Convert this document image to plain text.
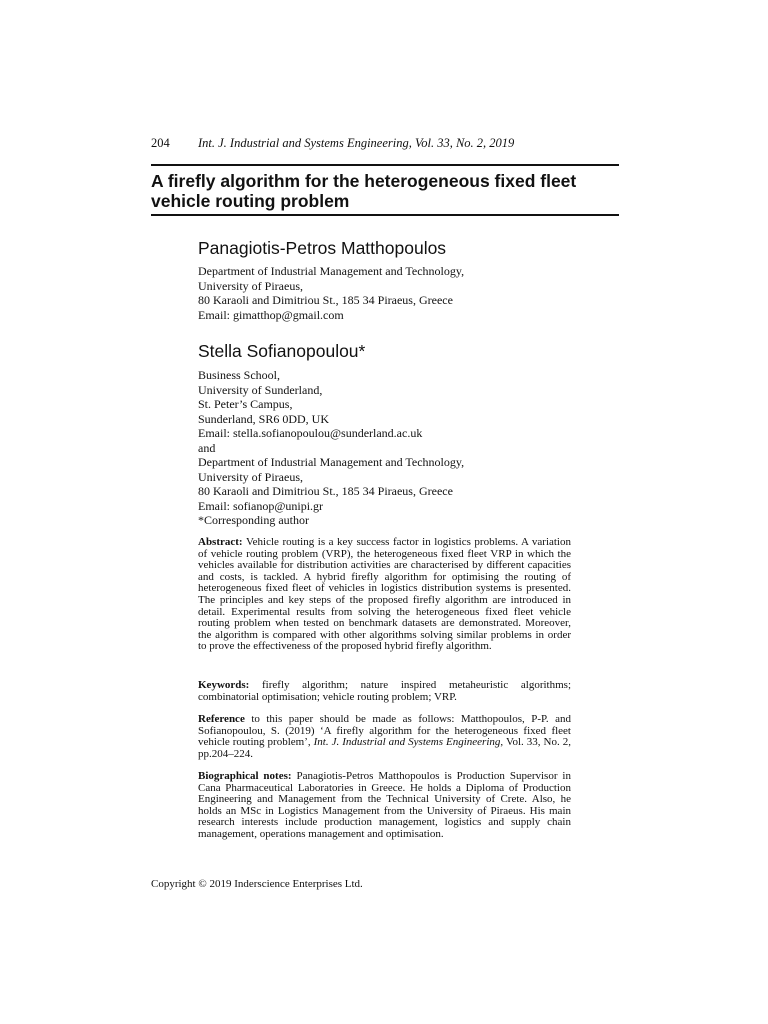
204 Int. J. Industrial and Systems Engineering, Vol. 33, No. 2, 2019
A firefly algorithm for the heterogeneous fixed fleet vehicle routing problem
Panagiotis-Petros Matthopoulos
Department of Industrial Management and Technology,
University of Piraeus,
80 Karaoli and Dimitriou St., 185 34 Piraeus, Greece
Email: gimatthop@gmail.com
Stella Sofianopoulou*
Business School,
University of Sunderland,
St. Peter’s Campus,
Sunderland, SR6 0DD, UK
Email: stella.sofianopoulou@sunderland.ac.uk
and
Department of Industrial Management and Technology,
University of Piraeus,
80 Karaoli and Dimitriou St., 185 34 Piraeus, Greece
Email: sofianop@unipi.gr
*Corresponding author

Abstract: Vehicle routing is a key success factor in logistics problems. A variation of vehicle routing problem (VRP), the heterogeneous fixed fleet VRP in which the vehicles available for distribution activities are characterised by different capacities and costs, is tackled. A hybrid firefly algorithm for optimising the routing of heterogeneous fixed fleet of vehicles in logistics distribution systems is presented. The principles and key steps of the proposed firefly algorithm are introduced in detail. Experimental results from solving the heterogeneous fixed fleet vehicle routing problem when tested on benchmark datasets are demonstrated. Moreover, the algorithm is compared with other algorithms solving similar problems in order to prove the effectiveness of the proposed hybrid firefly algorithm.

Keywords: firefly algorithm; nature inspired metaheuristic algorithms; combinatorial optimisation; vehicle routing problem; VRP.

Reference to this paper should be made as follows: Matthopoulos, P-P. and Sofianopoulou, S. (2019) ‘A firefly algorithm for the heterogeneous fixed fleet vehicle routing problem’, Int. J. Industrial and Systems Engineering, Vol. 33, No. 2, pp.204–224.

Biographical notes: Panagiotis-Petros Matthopoulos is Production Supervisor in Cana Pharmaceutical Laboratories in Greece. He holds a Diploma of Production Engineering and Management from the Technical University of Crete. Also, he holds an MSc in Logistics Management from the University of Piraeus. His main research interests include production management, logistics and supply chain management, operations management and optimisation.

Copyright © 2019 Inderscience Enterprises Ltd.
